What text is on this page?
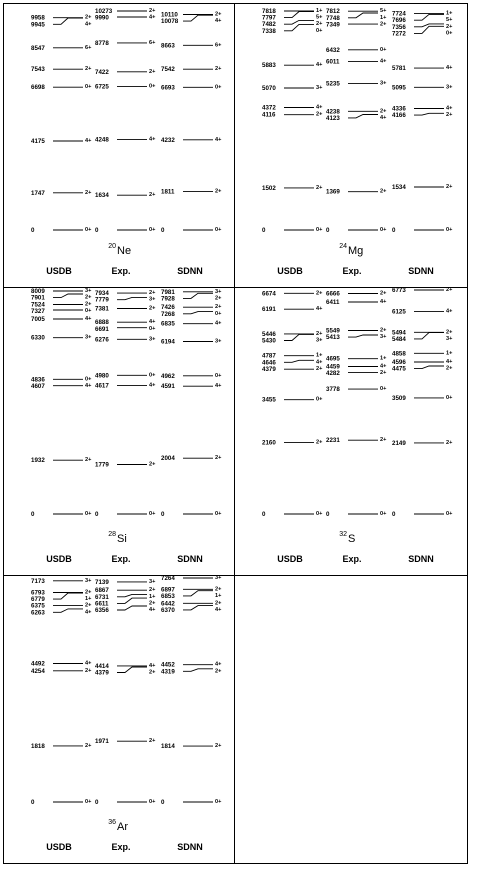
9958	2+
9945	4+
8547	6+
7543	2+
6698	0+
4175	4+
1747	2+
0	0+
USDB
10273	2+
9990	4+
8778	6+
7422	2+
6725	0+
4248	4+
1634	2+
0	0+
Exp.
10110	2+
10078	4+
8663	6+
7542	2+
6693	0+
4232	4+
1811	2+
0	0+
SDNN
20 Ne
7818	1+
7797	5+
7482	2+
7338	0+
5883	4+
5070	3+
4372	4+
4116	2+
1502	2+
0	0+
USDB
7812	5+
7748	1+
7349	2+
6432	0+
6011	4+
5235	3+
4238	2+
4123	4+
1369	2+
0	0+
Exp.
7724	1+
7696	5+
7356	2+
7272	0+
5781	4+
5095	3+
4336	4+
4166	2+
1534	2+
0	0+
SDNN
24 Mg
8009	3+
7901	2+
7524	2+
7327	0+
7005	4+
6330	3+
4836	0+
4607	4+
1932	2+
0	0+
USDB
7934	2+
7779	3+
7381	2+
6888	4+
6691	0+
6276	3+
4980	0+
4617	4+
1779	2+
0	0+
Exp.
7981	3+
7928	2+
7426	2+
7268	0+
6835	4+
6194	3+
4962	0+
4591	4+
2004	2+
0	0+
SDNN
28 Si
6674	2+
6191	4+
5446	2+
5430	3+
4787	1+
4646	4+
4379	2+
3455	0+
2160	2+
0	0+
USDB
6666	2+
6411	4+
5549	2+
5413	3+
4695	1+
4459	4+
4282	2+
3778	0+
2231	2+
0	0+
Exp.
6773	2+
6125	4+
5494	2+
5484	3+
4858	1+
4596	4+
4475	2+
3509	0+
2149	2+
0	0+
SDNN
32 S
7173	3+
6793	2+
6779	1+
6375	2+
6263	4+
4492	4+
4254	2+
1818	2+
0	0+
USDB
7139	3+
6867	2+
6731	1+
6611	2+
6356	4+
4414	4+
4379	2+
1971	2+
0	0+
Exp.
7264	3+
6897	2+
6853	1+
6442	2+
6370	4+
4452	4+
4319	2+
1814	2+
0	0+
SDNN
36 Ar
